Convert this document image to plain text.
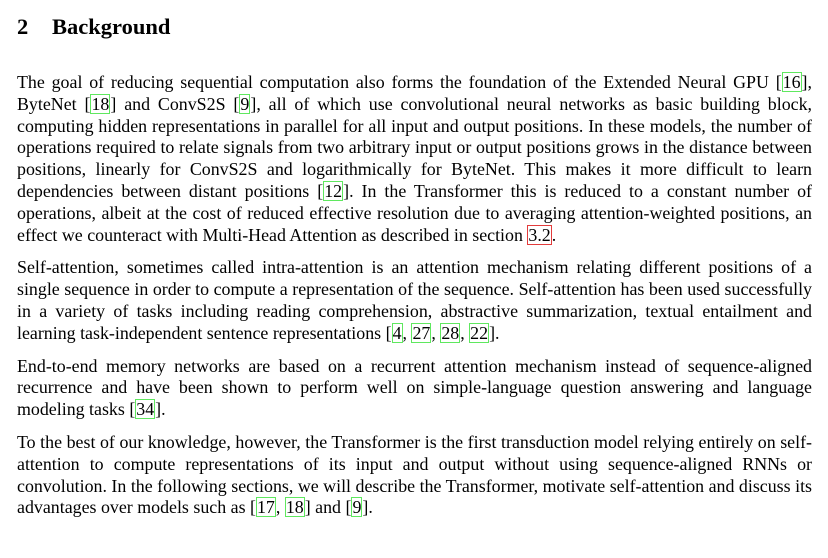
2 Background

The goal of reducing sequential computation also forms the foundation of the Extended Neural GPU [16], ByteNet [18] and ConvS2S [9], all of which use convolutional neural networks as basic building block, computing hidden representations in parallel for all input and output positions. In these models, the number of operations required to relate signals from two arbitrary input or output positions grows in the distance between positions, linearly for ConvS2S and logarithmically for ByteNet. This makes it more difficult to learn dependencies between distant positions [12]. In the Transformer this is reduced to a constant number of operations, albeit at the cost of reduced effective resolution due to averaging attention-weighted positions, an effect we counteract with Multi-Head Attention as described in section 3.2.

Self-attention, sometimes called intra-attention is an attention mechanism relating different positions of a single sequence in order to compute a representation of the sequence. Self-attention has been used successfully in a variety of tasks including reading comprehension, abstractive summarization, textual entailment and learning task-independent sentence representations [4, 27, 28, 22].

End-to-end memory networks are based on a recurrent attention mechanism instead of sequence-aligned recurrence and have been shown to perform well on simple-language question answering and language modeling tasks [34].

To the best of our knowledge, however, the Transformer is the first transduction model relying entirely on self-attention to compute representations of its input and output without using sequence-aligned RNNs or convolution. In the following sections, we will describe the Transformer, motivate self-attention and discuss its advantages over models such as [17, 18] and [9].
